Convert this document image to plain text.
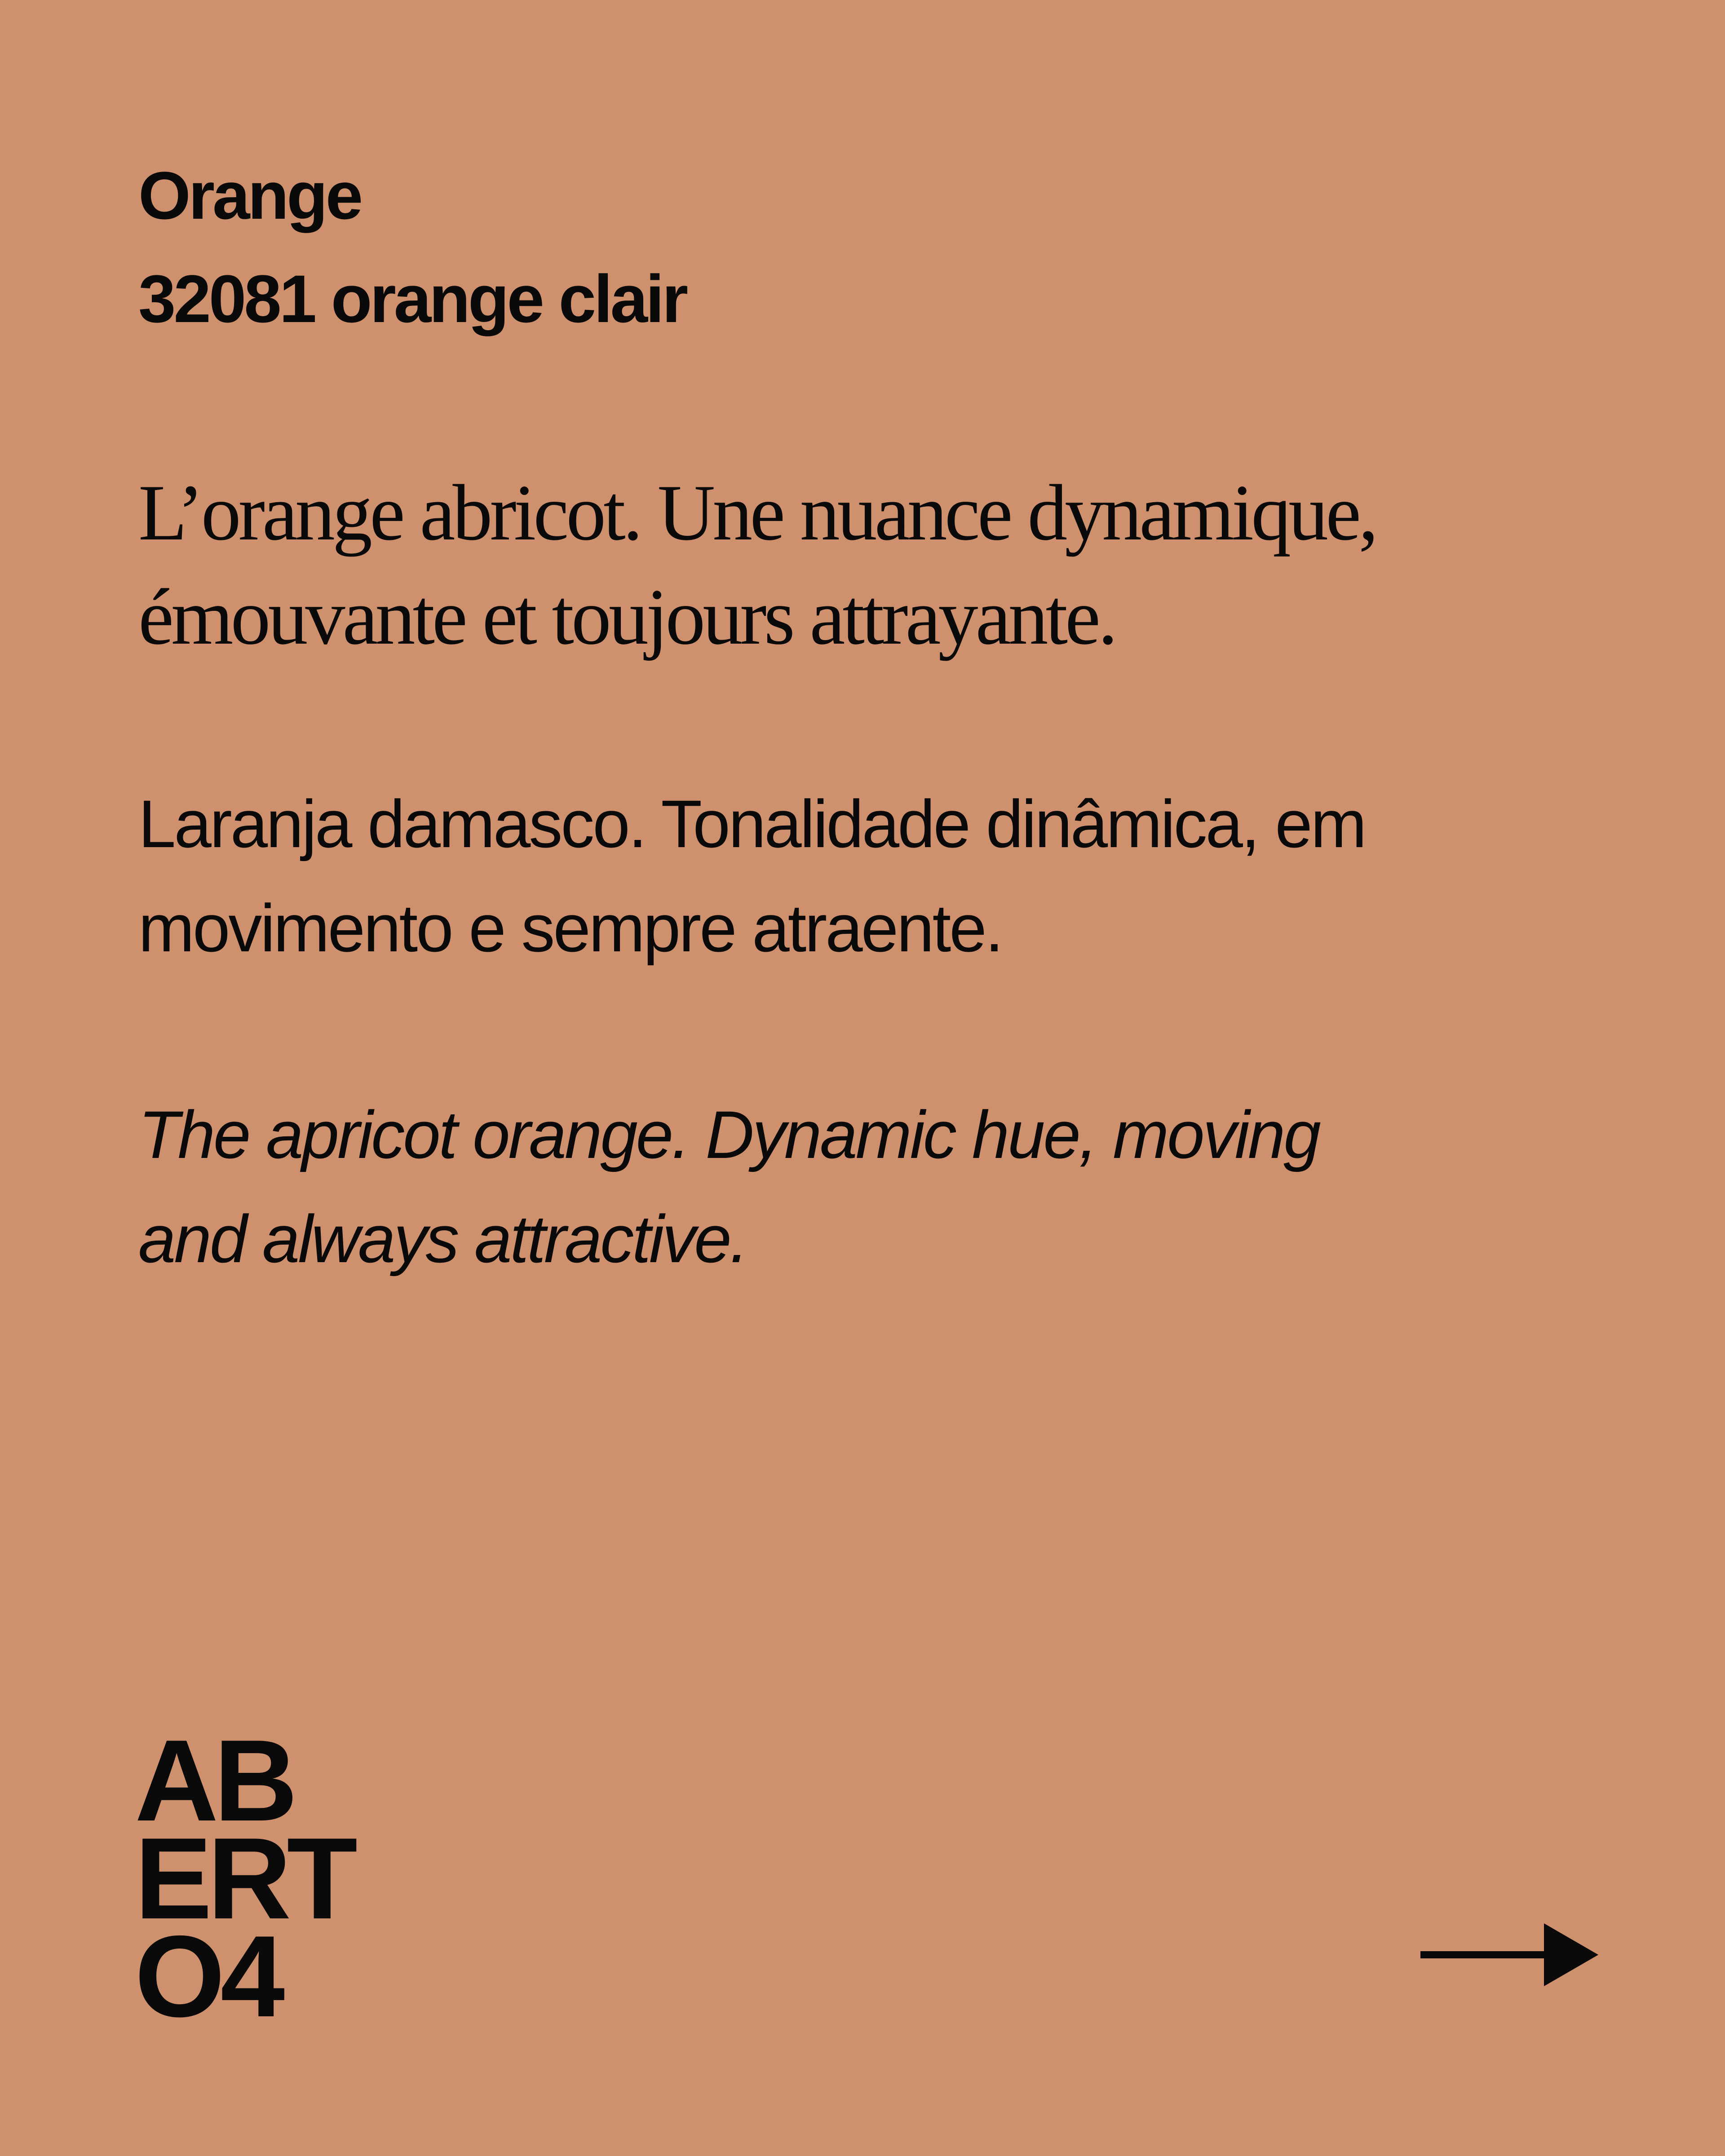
Orange
32081 orange clair
L’orange abricot. Une nuance dynamique,
émouvante et toujours attrayante.
Laranja damasco. Tonalidade dinâmica, em
movimento e sempre atraente.
The apricot orange. Dynamic hue, moving
and always attractive.
AB
ERT
O4
